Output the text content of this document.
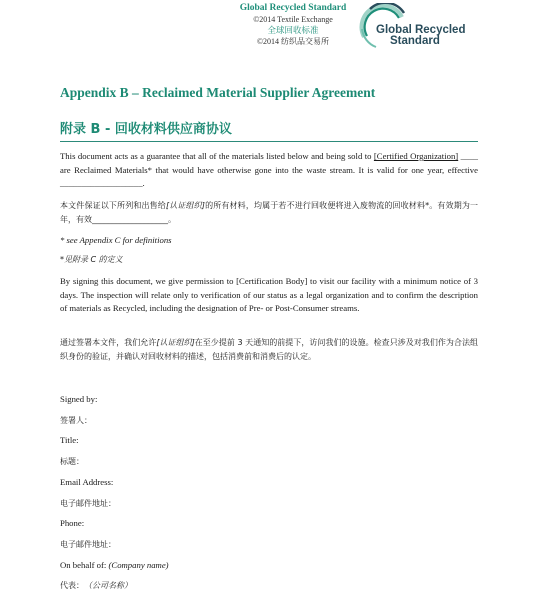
Global Recycled Standard
©2014 Textile Exchange
全球回收标准
©2014 纺织品交易所
Global Recycled
Standard
Appendix B – Reclaimed Material Supplier Agreement
附录 B - 回收材料供应商协议
This document acts as a guarantee that all of the materials listed below and being sold to [Certified Organization] ____ are Reclaimed Materials* that would have otherwise gone into the waste stream. It is valid for one year, effective ___________________.
本文件保证以下所列和出售给[认证组织]的所有材料，均属于若不进行回收便将进入废物流的回收材料*。有效期为一年，有效___________________。
* see Appendix C for definitions
*见附录 C 的定义
By signing this document, we give permission to [Certification Body] to visit our facility with a minimum notice of 3 days. The inspection will relate only to verification of our status as a legal organization and to confirm the description of materials as Recycled, including the designation of Pre- or Post-Consumer streams.
通过签署本文件，我们允许[认证组织]在至少提前 3 天通知的前提下，访问我们的设施。检查只涉及对我们作为合法组织身份的验证，并确认对回收材料的描述，包括消费前和消费后的认定。
Signed by:
签署人：
Title:
标题：
Email Address:
电子邮件地址：
Phone:
电子邮件地址：
On behalf of: (Company name)
代表：（公司名称）
